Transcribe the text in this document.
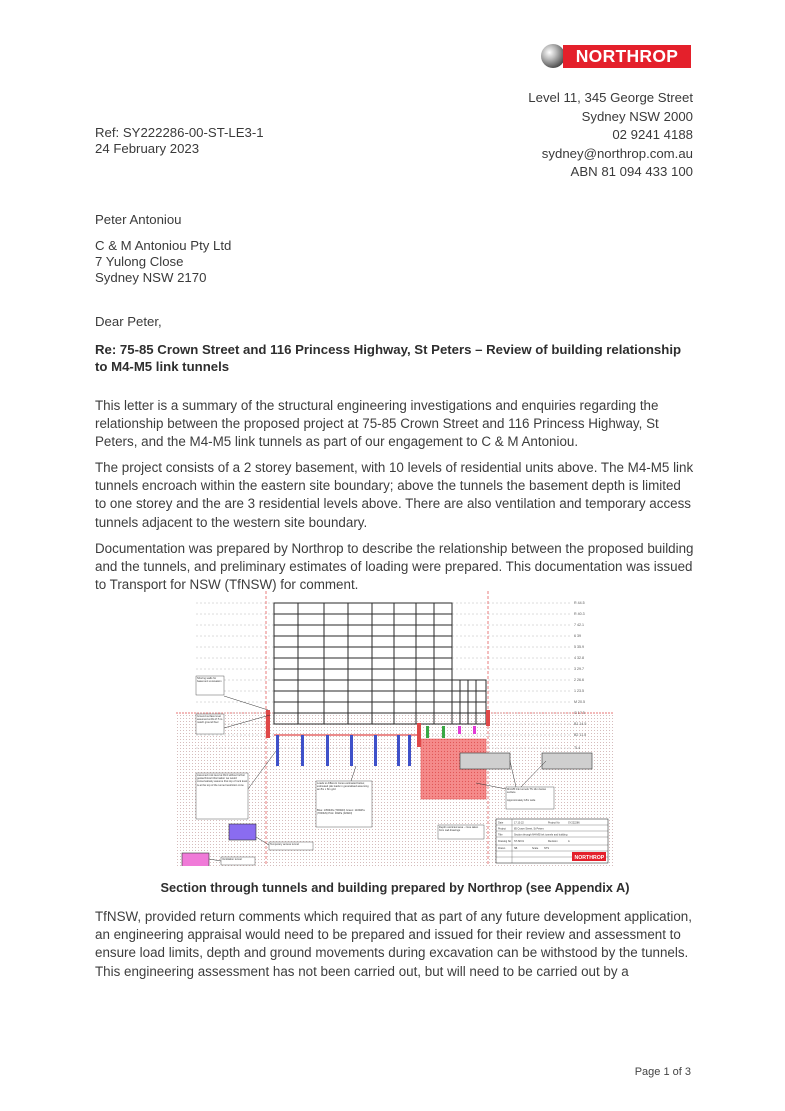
NORTHROP
Level 11, 345 George Street
Sydney NSW 2000
02 9241 4188
sydney@northrop.com.au
ABN 81 094 433 100
Ref: SY222286-00-ST-LE3-1
24 February 2023
Peter Antoniou
C & M Antoniou Pty Ltd
7 Yulong Close
Sydney NSW 2170
Dear Peter,
Re: 75-85 Crown Street and 116 Princess Highway, St Peters – Review of building relationship to M4-M5 link tunnels
This letter is a summary of the structural engineering investigations and enquiries regarding the relationship between the proposed project at 75-85 Crown Street and 116 Princess Highway, St Peters, and the M4-M5 link tunnels as part of our engagement to C & M Antoniou.
The project consists of a 2 storey basement, with 10 levels of residential units above. The M4-M5 link tunnels encroach within the eastern site boundary; above the tunnels the basement depth is limited to one storey and the are 3 residential levels above. There are also ventilation and temporary access tunnels adjacent to the western site boundary.
Documentation was prepared by Northrop to describe the relationship between the proposed building and the tunnels, and preliminary estimates of loading were prepared. This documentation was issued to Transport for NSW (TfNSW) for comment.
R 44.5
R 40.3
7 42.1
6 39
5 35.9
4 32.8
3 29.7
2 26.6
1 23.5
M 20.5
G 17.5
B1 14.5
B2 11.5
TL4
Shoring walls for basement excavation
Ground surface level assumed at RL17.5 to match ground floor
Assumed rock level at RL3 without further geotechnical information we would conservatively assume that top of rock level is at the top of the tunnel restriction zone
Loads to different zones estimated below, estimated pile loads in generalised assuming an 8m x 8m grid
Blue: 1350kPa (7000kN) Green: 1100kPa (7000kN) Pink: 30kPa (320kN)
Depth restricted area - zone taken from cad drawings
M4-M5 link tunnels TS 14m below surface
Approximately 18m wide
Temporary access tunnel
Ventilation tunnel
Date	17.10.22	Project No	SY222286
Project	85 Crown Street, St Peters
Title	Section through M4-M5 link tunnels and building
Drawing No ST-SK01	Revision	A
Drawn	SB	Scale NTS
NORTHROP
Section through tunnels and building prepared by Northrop (see Appendix A)
TfNSW, provided return comments which required that as part of any future development application, an engineering appraisal would need to be prepared and issued for their review and assessment to ensure load limits, depth and ground movements during excavation can be withstood by the tunnels. This engineering assessment has not been carried out, but will need to be carried out by a
Page 1 of 3
